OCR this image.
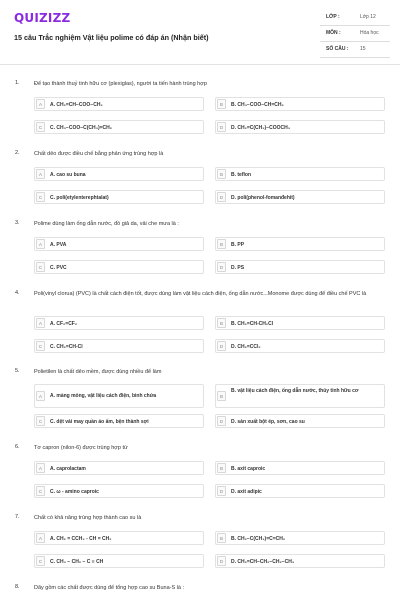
QUIZIZZ
15 câu Trắc nghiệm Vật liệu polime có đáp án (Nhận biết)
LỚP :	Lớp 12
MÔN :	Hóa học
SỐ CÂU : 15
1.	Để tạo thành thuỷ tinh hữu cơ (plexiglas), người ta tiến hành trùng hợp
A	A. CH₂=CH−COO−CH₃	B	B. CH₃−COO−CH=CH₂
C	C. CH₃−COO−C(CH₃)=CH₂	D	D. CH₂=C(CH₃)−COOCH₃
2.	Chất dẻo được điều chế bằng phản ứng trùng hợp là
A	A. cao su buna	B	B. teflon
C	C. poli(etylenterephtalat)	D	D. poli(phenol-fomanđehit)
3.	Polime dùng làm ống dẫn nước, đồ giả da, vải che mưa là :
A	A. PVA	B	B. PP
C	C. PVC	D	D. PS
4.	Poli(vinyl clorua) (PVC) là chất cách điện tốt, được dùng làm vật liệu cách điện, ống dẫn nước...Monome được dùng để điều chế PVC là
A	A. CF₂=CF₂	B	B. CH₂=CH-CH₂Cl
C	C. CH₂=CH-Cl	D	D. CH₂=CCl₂
5.	Polietilen là chất dẻo mềm, được dùng nhiều để làm
A	A. màng mỏng, vật liệu cách điện, bình chứa	B
B. vật liệu cách điện, ống dẫn nước, thủy tinh hữu cơ
C	C. dệt vải may quần áo ấm, bện thành sợi	D	D. sản xuất bột ép, sơn, cao su
6.	Tơ capron (nilon-6) được trùng hợp từ
A	A. caprolactam	B	B. axit caproic
C	C. ω - amino caproic	D	D. axit adipic
7.	Chất có khả năng trùng hợp thành cao su là
A	A. CH₂ = CCH₃ - CH = CH₂	B	B. CH₂−C(CH₃)=C=CH₂
C	C. CH₃ − CH₂ − C ≡ CH	D	D. CH₂=CH−CH₂−CH₂−CH₃
8.	Dãy gồm các chất được dùng để tổng hợp cao su Buna-S là :
